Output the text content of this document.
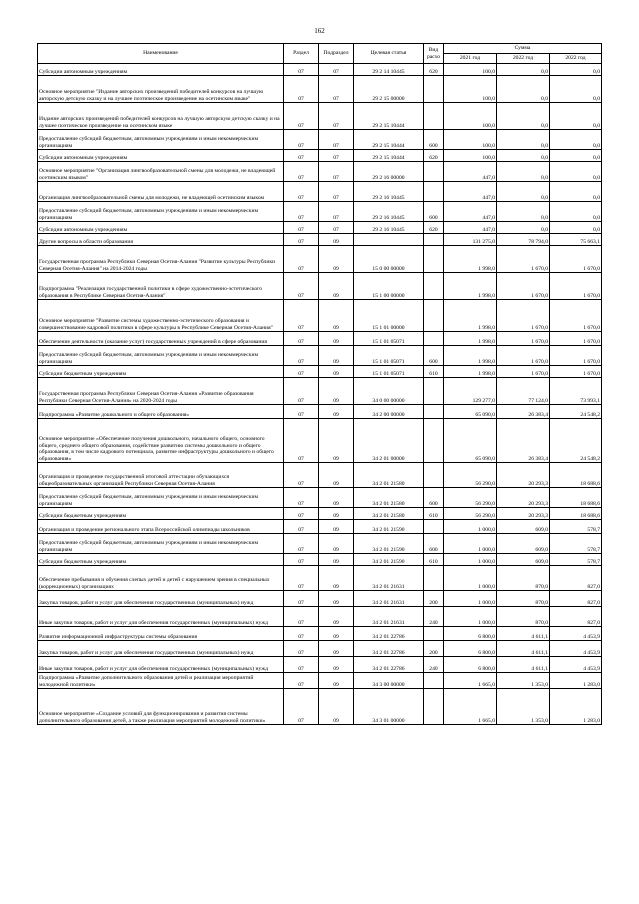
162
Наименование	Раздел	Подраздел	Целевая статья	Вид расхо	Сумма		
					2021 год	2022 год	2022 год
Субсидии автономным учреждениям	07	07	29 2 14 10445	620	100,0	0,0	0,0
Основное мероприятие "Издание авторских произведений победителей конкурсов на лучшую авторскую детскую сказку и на лучшее поэтическое произведение на осетинском языке"	07	07	29 2 15 00000		100,0	0,0	0,0
Издание авторских произведений победителей конкурсов на лучшую авторскую детскую сказку и на лучшее поэтическое произведение на осетинском языке	07	07	29 2 15 10444		100,0	0,0	0,0
Предоставление субсидий бюджетным, автономным учреждениям и иным некоммерческим организациям	07	07	29 2 15 10444	600	100,0	0,0	0,0
Субсидии автономным учреждениям	07	07	29 2 15 10444	620	100,0	0,0	0,0
Основное мероприятие "Организация лингвообразовательной смены для молодежи, не владеющей осетинским языком"	07	07	29 2 16 00000		447,0	0,0	0,0
Организация лингвообразовательной смены для молодежи, не владеющей осетинским языком	07	07	29 2 16 10445		447,0	0,0	0,0
Предоставление субсидий бюджетным, автономным учреждениям и иным некоммерческим организациям	07	07	29 2 16 10445	600	447,0	0,0	0,0
Субсидии автономным учреждениям	07	07	29 2 16 10445	620	447,0	0,0	0,0
Другие вопросы в области образования	07	09			131 275,0	78 794,0	75 663,1
Государственная программа Республики Северная Осетия-Алания "Развитие культуры Республики Северная Осетия-Алания" на 2014-2024 годы	07	09	15 0 00 00000		1 998,0	1 670,0	1 670,0
Подпрограмма "Реализация государственной политики в сфере художественно-эстетического образования в Республике Северная Осетия-Алания"	07	09	15 1 00 00000		1 998,0	1 670,0	1 670,0
Основное мероприятие "Развитие системы художественно-эстетического образования и совершенствование кадровой политики в сфере культуры в Республике Северная Осетия-Алания"	07	09	15 1 01 00000		1 998,0	1 670,0	1 670,0
Обеспечение деятельности (оказание услуг) государственных учреждений в сфере образования	07	09	15 1 01 05071		1 998,0	1 670,0	1 670,0
Предоставление субсидий бюджетным, автономным учреждениям и иным некоммерческим организациям	07	09	15 1 01 05071	600	1 998,0	1 670,0	1 670,0
Субсидии бюджетным учреждениям	07	09	15 1 01 05071	610	1 998,0	1 670,0	1 670,0
Государственная программа Республики Северная Осетия-Алания «Развитие образования Республики Северная Осетия-Алания» на 2020-2024 годы	07	09	34 0 00 00000		129 277,0	77 124,0	73 993,1
Подпрограмма «Развитие дошкольного и общего образования»	07	09	34 2 00 00000		65 090,0	26 383,4	24 548,2
Основное мероприятие «Обеспечение получения дошкольного, начального общего, основного общего, среднего общего образования, содействие развитию системы дошкольного и общего образования, в том числе кадрового потенциала, развитие инфраструктуры дошкольного и общего образования»	07	09	34 2 01 00000		65 090,0	26 383,4	24 548,2
Организация и проведение государственной итоговой аттестации обучающихся общеобразовательных организаций Республики Северная Осетия-Алания	07	09	34 2 01 21580		56 290,0	20 293,3	18 688,6
Предоставление субсидий бюджетным, автономным учреждениям и иным некоммерческим организациям	07	09	34 2 01 21580	600	56 290,0	20 293,3	18 688,6
Субсидии бюджетным учреждениям	07	09	34 2 01 21580	610	56 290,0	20 293,3	18 688,6
Организация и проведение регионального этапа Всероссийской олимпиады школьников	07	09	34 2 01 21590		1 000,0	609,0	578,7
Предоставление субсидий бюджетным, автономным учреждениям и иным некоммерческим организациям	07	09	34 2 01 21590	600	1 000,0	609,0	578,7
Субсидии бюджетным учреждениям	07	09	34 2 01 21590	610	1 000,0	609,0	578,7
Обеспечение пребывания и обучения слепых детей и детей с нарушением зрения в специальных (коррекционных) организациях	07	09	34 2 01 21631		1 000,0	870,0	827,0
Закупка товаров, работ и услуг для обеспечения государственных (муниципальных) нужд	07	09	34 2 01 21631	200	1 000,0	870,0	827,0
Иные закупки товаров, работ и услуг для обеспечения государственных (муниципальных) нужд	07	09	34 2 01 21631	240	1 000,0	870,0	827,0
Развитие информационной инфраструктуры системы образования	07	09	34 2 01 22786		6 800,0	4 611,1	4 453,9
Закупка товаров, работ и услуг для обеспечения государственных (муниципальных) нужд	07	09	34 2 01 22786	200	6 800,0	4 611,1	4 453,9
Иные закупки товаров, работ и услуг для обеспечения государственных (муниципальных) нужд	07	09	34 2 01 22786	240	6 800,0	4 611,1	4 453,9
Подпрограмма «Развитие дополнительного образования детей и реализация мероприятий молодежной политики»	07	09	34 3 00 00000		1 665,0	1 353,0	1 283,0
Основное мероприятие «Создание условий для функционирования и развития системы дополнительного образования детей, а также реализация мероприятий молодежной политики»	07	09	34 3 01 00000		1 665,0	1 353,0	1 283,0
